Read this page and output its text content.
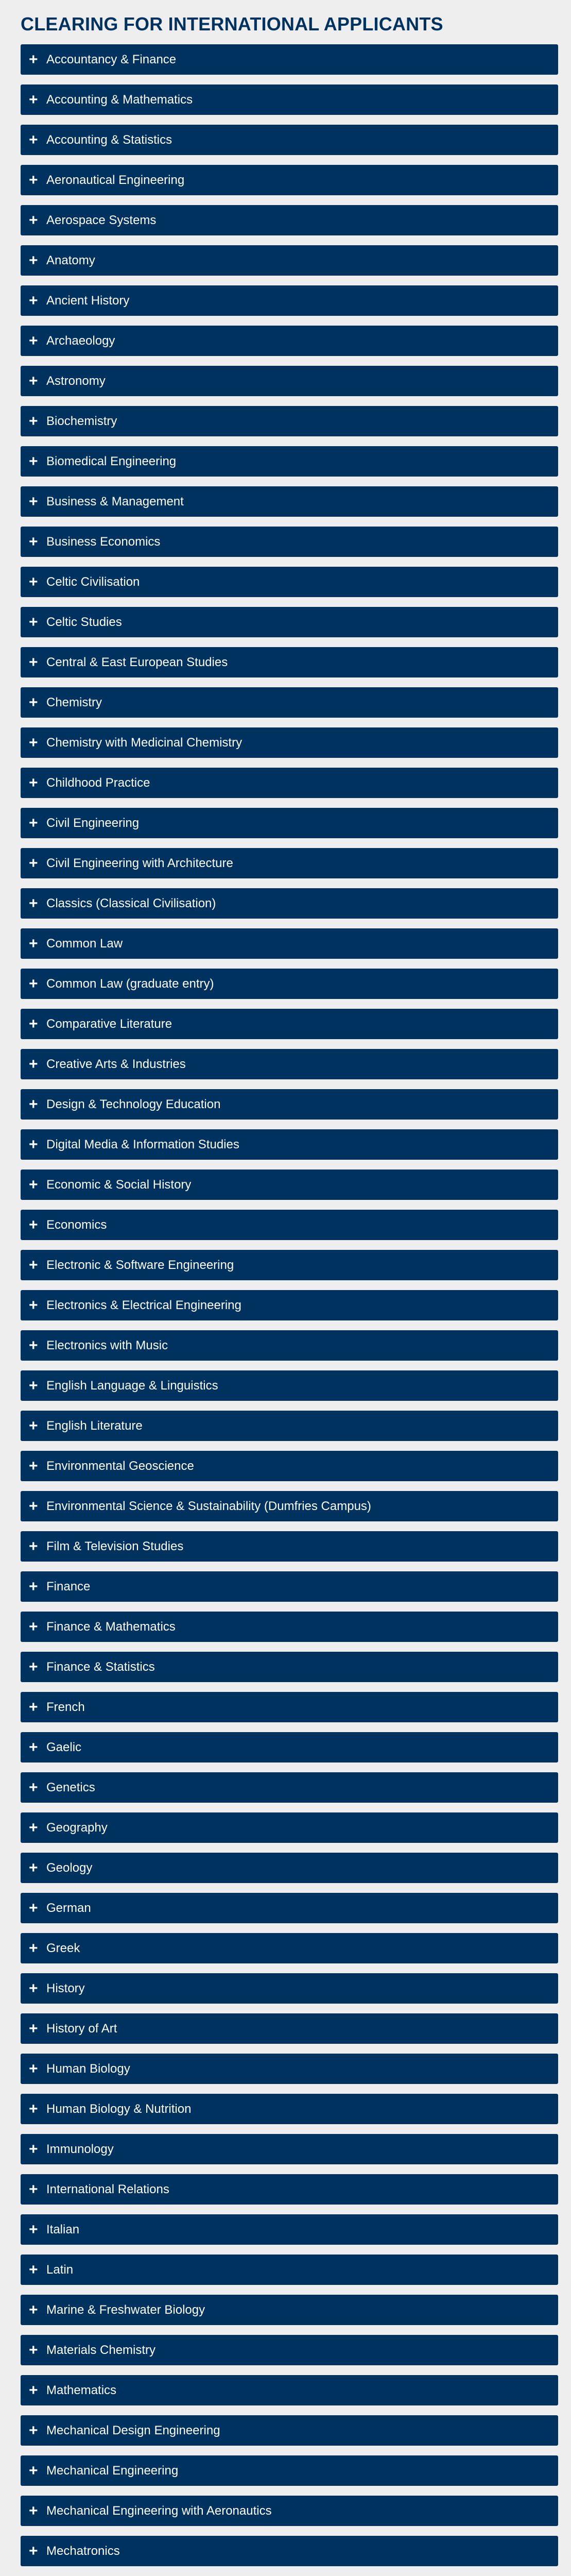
CLEARING FOR INTERNATIONAL APPLICANTS
+ Accountancy & Finance
+ Accounting & Mathematics
+ Accounting & Statistics
+ Aeronautical Engineering
+ Aerospace Systems
+ Anatomy
+ Ancient History
+ Archaeology
+ Astronomy
+ Biochemistry
+ Biomedical Engineering
+ Business & Management
+ Business Economics
+ Celtic Civilisation
+ Celtic Studies
+ Central & East European Studies
+ Chemistry
+ Chemistry with Medicinal Chemistry
+ Childhood Practice
+ Civil Engineering
+ Civil Engineering with Architecture
+ Classics (Classical Civilisation)
+ Common Law
+ Common Law (graduate entry)
+ Comparative Literature
+ Creative Arts & Industries
+ Design & Technology Education
+ Digital Media & Information Studies
+ Economic & Social History
+ Economics
+ Electronic & Software Engineering
+ Electronics & Electrical Engineering
+ Electronics with Music
+ English Language & Linguistics
+ English Literature
+ Environmental Geoscience
+ Environmental Science & Sustainability (Dumfries Campus)
+ Film & Television Studies
+ Finance
+ Finance & Mathematics
+ Finance & Statistics
+ French
+ Gaelic
+ Genetics
+ Geography
+ Geology
+ German
+ Greek
+ History
+ History of Art
+ Human Biology
+ Human Biology & Nutrition
+ Immunology
+ International Relations
+ Italian
+ Latin
+ Marine & Freshwater Biology
+ Materials Chemistry
+ Mathematics
+ Mechanical Design Engineering
+ Mechanical Engineering
+ Mechanical Engineering with Aeronautics
+ Mechatronics
